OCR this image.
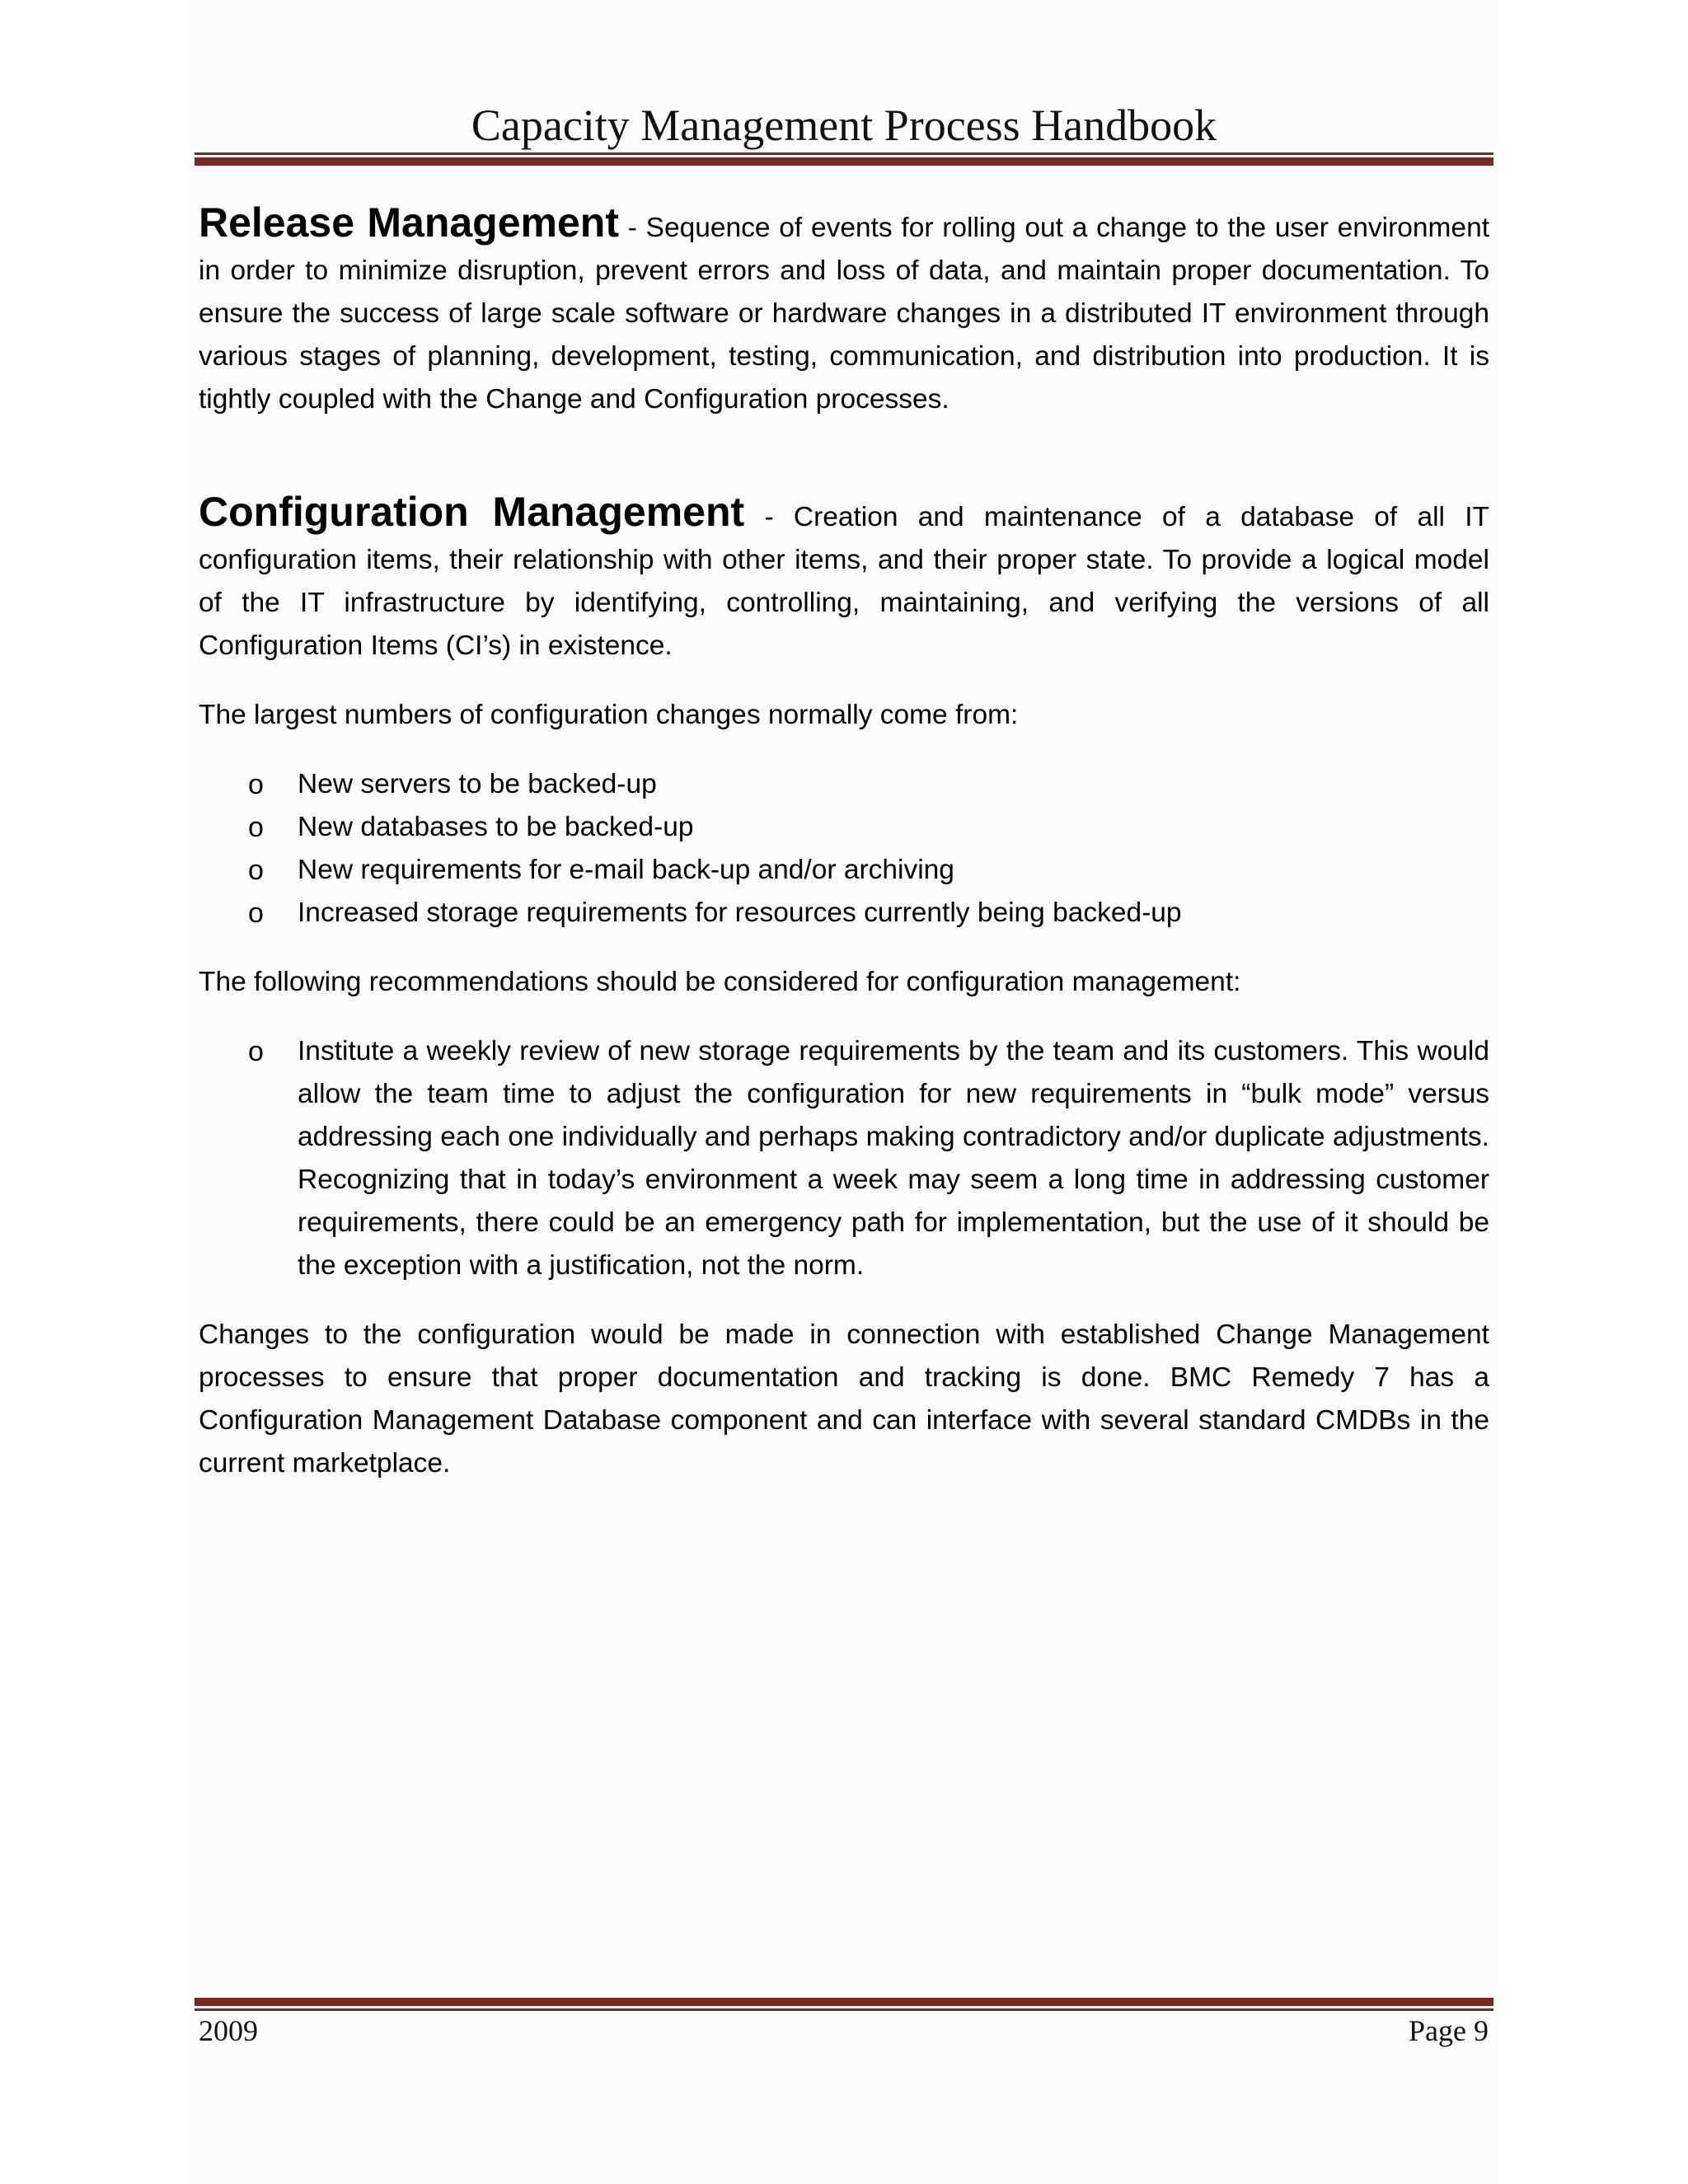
Capacity Management Process Handbook

Release Management - Sequence of events for rolling out a change to the user environment in order to minimize disruption, prevent errors and loss of data, and maintain proper documentation. To ensure the success of large scale software or hardware changes in a distributed IT environment through various stages of planning, development, testing, communication, and distribution into production. It is tightly coupled with the Change and Configuration processes.

Configuration Management - Creation and maintenance of a database of all IT configuration items, their relationship with other items, and their proper state. To provide a logical model of the IT infrastructure by identifying, controlling, maintaining, and verifying the versions of all Configuration Items (CI’s) in existence.

The largest numbers of configuration changes normally come from:

o New servers to be backed-up
o New databases to be backed-up
o New requirements for e-mail back-up and/or archiving
o Increased storage requirements for resources currently being backed-up

The following recommendations should be considered for configuration management:

o Institute a weekly review of new storage requirements by the team and its customers. This would allow the team time to adjust the configuration for new requirements in “bulk mode” versus addressing each one individually and perhaps making contradictory and/or duplicate adjustments. Recognizing that in today’s environment a week may seem a long time in addressing customer requirements, there could be an emergency path for implementation, but the use of it should be the exception with a justification, not the norm.

Changes to the configuration would be made in connection with established Change Management processes to ensure that proper documentation and tracking is done. BMC Remedy 7 has a Configuration Management Database component and can interface with several standard CMDBs in the current marketplace.

2009	Page 9
